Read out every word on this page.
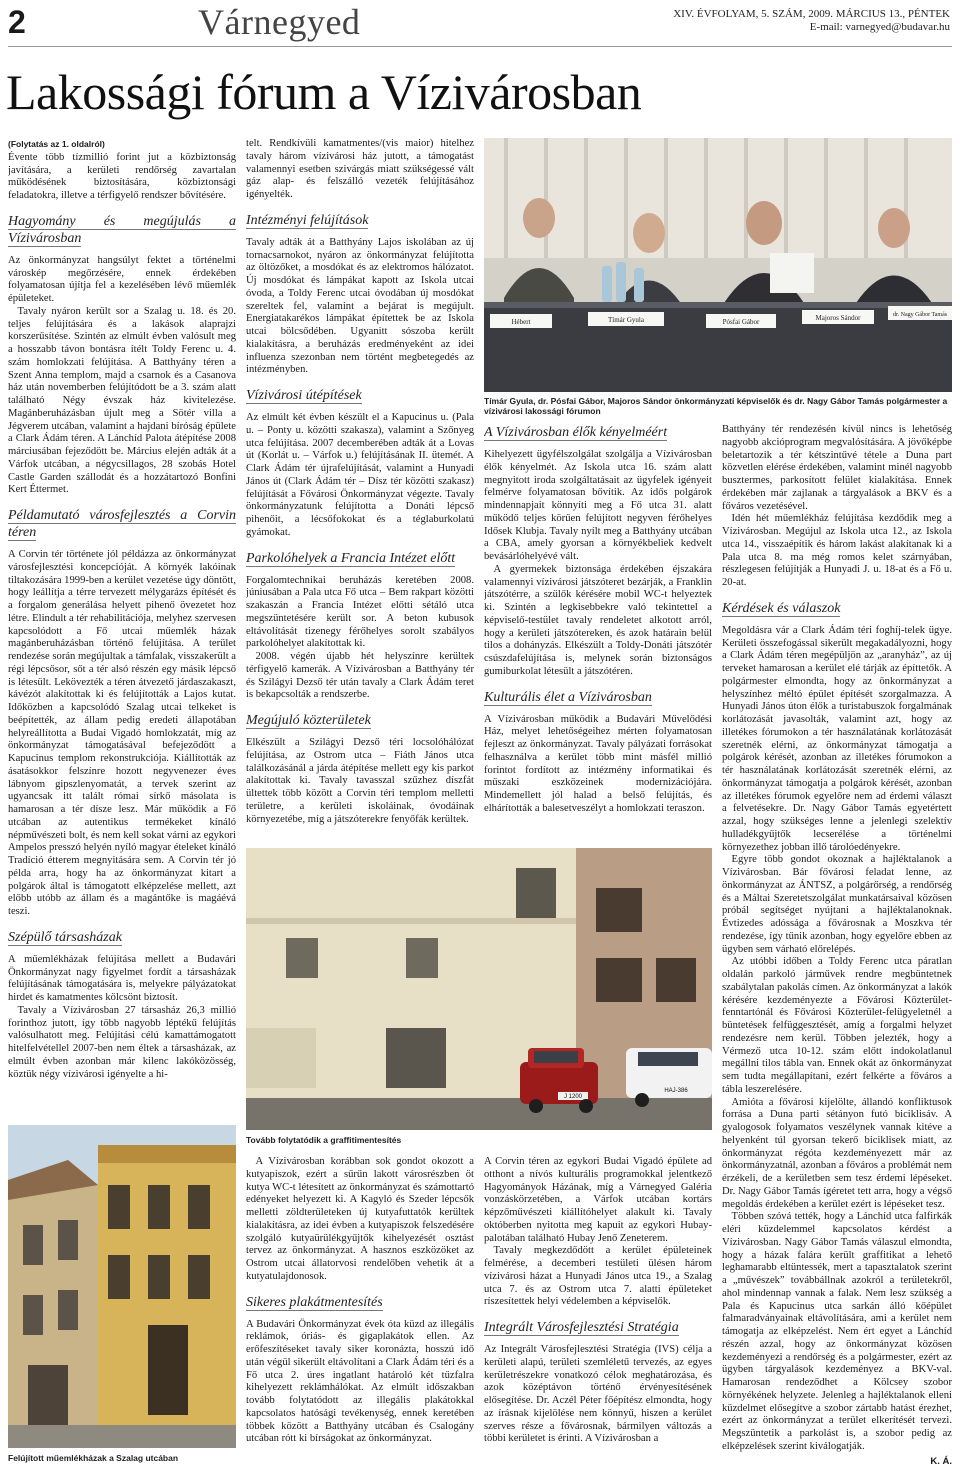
2	Várnegyed	XIV. ÉVFOLYAM, 5. SZÁM, 2009. MÁRCIUS 13., PÉNTEK
E-mail: varnegyed@budavar.hu
Lakossági fórum a Vízivárosban

(Folytatás az 1. oldalról)
Évente több tízmillió forint jut a közbiztonság javítására, a kerületi rendőrség zavartalan működésének biztosítására, közbiztonsági feladatokra, illetve a térfigyelő rendszer bővítésére.

Hagyomány és megújulás a Vízivárosban

Az önkormányzat hangsúlyt fektet a történelmi városkép megőrzésére, ennek érdekében folyamatosan újítja fel a kezelésében lévő műemlék épületeket.

Tavaly nyáron került sor a Szalag u. 18. és 20. teljes felújítására és a lakások alaprajzi korszerűsítése. Szintén az elmúlt évben valósult meg a hosszabb távon bontásra ítélt Toldy Ferenc u. 4. szám homlokzati felújítása. A Batthyány téren a Szent Anna templom, majd a csarnok és a Casanova ház után novemberben felújítódott be a 3. szám alatt található Négy évszak ház kivitelezése. Magánberuházásban újult meg a Sötér villa a Jégverem utcában, valamint a hajdani bíróság épülete a Clark Ádám téren. A Lánchíd Palota átépítése 2008 márciusában fejeződött be. Március elején adták át a Várfok utcában, a négycsillagos, 28 szobás Hotel Castle Garden szállodát és a hozzátartozó Bonfini Kert Éttermet.

Példamutató városfejlesztés a Corvin téren

A Corvin tér története jól példázza az önkormányzat városfejlesztési koncepcióját. A környék lakóinak tiltakozására 1999-ben a kerület vezetése úgy döntött, hogy leállítja a térre tervezett mélygarázs építését és a forgalom generálása helyett pihenő övezetet hoz létre. Elindult a tér rehabilitációja, melyhez szervesen kapcsolódott a Fő utcai műemlék házak magánberuházásban történő felújítása. A terület rendezése során megújultak a támfalak, visszakerült a régi lépcsősor, sőt a tér alsó részén egy másik lépcső is létesült. Lekövezték a téren átvezető járdaszakaszt, kávézót alakítottak ki és felújították a Lajos kutat. Időközben a kapcsolódó Szalag utcai telkeket is beépítették, az állam pedig eredeti állapotában helyreállította a Budai Vigadó homlokzatát, míg az önkormányzat támogatásával befejeződött a Kapucinus templom rekonstrukciója. Kiállították az ásatásokkor felszínre hozott negyvenezer éves lábnyom gipszlenyomatát, a tervek szerint az ugyancsak itt talált római sírkő másolata is hamarosan a tér dísze lesz. Már működik a Fő utcában az autentikus termékeket kínáló népművészeti bolt, és nem kell sokat várni az egykori Ampelos presszó helyén nyíló magyar ételeket kínáló Tradíció étterem megnyitására sem. A Corvin tér jó példa arra, hogy ha az önkormányzat kitart a polgárok által is támogatott elképzelése mellett, azt előbb utóbb az állam és a magántőke is magáévá teszi.

Szépülő társasházak

A műemlékházak felújítása mellett a Budavári Önkormányzat nagy figyelmet fordít a társasházak felújításának támogatására is, melyekre pályázatokat hirdet és kamatmentes kölcsönt biztosít.

Tavaly a Vízivárosban 27 társasház 26,3 millió forinthoz jutott, így több nagyobb léptékű felújítás valósulhatott meg. Felújítási célú kamattámogatott hitelfelvétellel 2007-ben nem éltek a társasházak, az elmúlt évben azonban már kilenc lakóközösség, köztük négy vízivárosi igényelte a hi-

Felújított műemlékházak a Szalag utcában

telt. Rendkívüli kamatmentes/(vis maior) hitelhez tavaly három vízivárosi ház jutott, a támogatást valamennyi esetben szivárgás miatt szükségessé vált gáz alap- és felszálló vezeték felújításához igényelték.

Intézményi felújítások

Tavaly adták át a Batthyány Lajos iskolában az új tornacsarnokot, nyáron az önkormányzat felújította az öltözőket, a mosdókat és az elektromos hálózatot. Új mosdókat és lámpákat kapott az Iskola utcai óvoda, a Toldy Ferenc utcai óvodában új mosdókat szereltek fel, valamint a bejárat is megújult. Energiatakarékos lámpákat építettek be az Iskola utcai bölcsődében. Ugyanitt sószoba került kialakításra, a beruházás eredményeként az idei influenza szezonban nem történt megbetegedés az intézményben.

Vízivárosi útépítések

Az elmúlt két évben készült el a Kapucinus u. (Pala u. – Ponty u. közötti szakasza), valamint a Szőnyeg utca felújítása. 2007 decemberében adták át a Lovas út (Korlát u. – Várfok u.) felújításának II. ütemét. A Clark Ádám tér újrafelújítását, valamint a Hunyadi János út (Clark Ádám tér – Dísz tér közötti szakasz) felújítását a Fővárosi Önkormányzat végezte. Tavaly önkormányzatunk felújította a Donáti lépcső pihenőit, a lécsőfokokat és a téglaburkolatú gyámokat.

Parkolóhelyek a Francia Intézet előtt

Forgalomtechnikai beruházás keretében 2008. júniusában a Pala utca Fő utca – Bem rakpart közötti szakaszán a Francia Intézet előtti sétáló utca megszüntetésére került sor. A beton kubusok eltávolítását tizenegy férőhelyes sorolt szabályos parkolóhelyet alakítottak ki.

2008. végén újabb hét helyszínre kerültek térfigyelő kamerák. A Vízivárosban a Batthyány tér és Szilágyi Dezső tér után tavaly a Clark Ádám teret is bekapcsolták a rendszerbe.

Megújuló közterületek

Elkészült a Szilágyi Dezső téri locsolóhálózat felújítása, az Ostrom utca – Fiáth János utca találkozásánál a járda átépítése mellett egy kis parkot alakítottak ki. Tavaly tavasszal szűzhez díszfát ültettek több között a Corvin téri templom melletti területre, a kerületi iskoláinak, óvodáinak környezetébe, míg a játszóterekre fenyőfák kerültek.

J 1200
HAJ-386
Tovább folytatódik a graffitimentesítés

A Vízivárosban korábban sok gondot okozott a kutyapiszok, ezért a sűrűn lakott városrészben öt kutya WC-t létesített az önkormányzat és számottartó edényeket helyezett ki. A Kagyló és Szeder lépcsők melletti zöldterületeken új kutyafuttatók kerültek kialakításra, az idei évben a kutyapiszok felszedésére szolgáló kutyaürülékgyűjtők kihelyezését osztást tervez az önkormányzat. A hasznos eszközöket az Ostrom utcai állatorvosi rendelőben vehetik át a kutyatulajdonosok.

Sikeres plakátmentesítés

A Budavári Önkormányzat évek óta küzd az illegális reklámok, óriás- és gigaplakátok ellen. Az erőfeszítéseket tavaly siker koronázta, hosszú idő után végül sikerült eltávolítani a Clark Ádám téri és a Fő utca 2. úres ingatlant határoló két tűzfalra kihelyezett reklámhálókat. Az elmúlt időszakban tovább folytatódott az illegális plakátokkal kapcsolatos hatósági tevékenység, ennek keretében többek között a Batthyány utcában és Csalogány utcában rótt ki bírságokat az önkormányzat.

Hébert	Tímár Gyula	Pósfai Gábor	Majoros Sándor	dr. Nagy Gábor Tamás
Tímár Gyula, dr. Pósfai Gábor, Majoros Sándor önkormányzati képviselők és dr. Nagy Gábor Tamás polgármester a vízivárosi lakossági fórumon
A Vízivárosban élők kényelméért

Kihelyezett ügyfélszolgálat szolgálja a Vízivárosban élők kényelmét. Az Iskola utca 16. szám alatt megnyitott iroda szolgáltatásait az ügyfelek igényeit felmérve folyamatosan bővítik. Az idős polgárok mindennapjait könnyíti meg a Fő utca 31. alatt működő teljes körűen felújított negyven férőhelyes Idősek Klubja. Tavaly nyílt meg a Batthyány utcában a CBA, amely gyorsan a környékbeliek kedvelt bevásárlóhelyévé vált.

A gyermekek biztonsága érdekében éjszakára valamennyi vízivárosi játszóteret bezárják, a Franklin játszótérre, a szülők kérésére mobil WC-t helyeztek ki. Szintén a legkisebbekre való tekintettel a képviselő-testület tavaly rendeletet alkotott arról, hogy a kerületi játszótereken, és azok határain belül tilos a dohányzás. Elkészült a Toldy-Donáti játszótér csúszdafelújítása is, melynek során biztonságos gumiburkolat létesült a játszótéren.

Kulturális élet a Vízivárosban

A Vízivárosban működik a Budavári Művelődési Ház, melyet lehetőségeihez mérten folyamatosan fejleszt az önkormányzat. Tavaly pályázati forrásokat felhasználva a kerület több mint másfél millió forintot fordított az intézmény informatikai és műszaki eszközeinek modernizációjára. Mindemellett jól halad a belső felújítás, és elhárították a balesetveszélyt a homlokzati teraszon.

A Corvin téren az egykori Budai Vigadó épülete ad otthont a nívós kulturális programokkal jelentkező Hagyományok Házának, míg a Várnegyed Galéria vonzáskörzetében, a Várfok utcában kortárs képzőművészeti kiállítóhelyet alakult ki. Tavaly októberben nyitotta meg kapuit az egykori Hubay-palotában található Hubay Jenő Zeneterem.

Tavaly megkezdődött a kerület épületeinek felmérése, a decemberi testületi ülésen három vízivárosi házat a Hunyadi János utca 19., a Szalag utca 7. és az Ostrom utca 7. alatti épületeket ríszesítettek helyi védelemben a képviselők.

Integrált Városfejlesztési Stratégia

Az Integrált Városfejlesztési Stratégia (IVS) célja a kerületi alapú, területi szemléletű tervezés, az egyes kerületrészekre vonatkozó célok meghatározása, és azok középtávon történő érvényesítésének elősegítése. Dr. Aczél Péter főépítész elmondta, hogy az írásnak kijelölése nem könnyű, hiszen a kerület szerves része a fővárosnak, bármilyen változás a többi kerületet is érinti. A Vízivárosban a

Batthyány tér rendezésén kívül nincs is lehetőség nagyobb akcióprogram megvalósítására. A jövőképbe beletartozik a tér kétszintűvé tétele a Duna part közvetlen elérése érdekében, valamint minél nagyobb busztermes, parkosított felület kialakítása. Ennek érdekében már zajlanak a tárgyalások a BKV és a főváros vezetésével.

Idén hét műemlékház felújítása kezdődik meg a Vízivárosban. Megújul az Iskola utca 12., az Iskola utca 14., visszaépítik és három lakást alakítanak ki a Pala utca 8. ma még romos kelet szárnyában, részlegesen felújítják a Hunyadi J. u. 18-at és a Fő u. 20-at.

Kérdések és válaszok

Megoldásra vár a Clark Ádám téri foghíj-telek ügye. Kerületi összefogással sikerült megakadályozni, hogy a Clark Ádám téren megépüljön az „aranyház”, az új terveket hamarosan a kerület elé tárják az építtetők. A polgármester elmondta, hogy az önkormányzat a helyszínhez méltó épület építését szorgalmazza. A Hunyadi János úton élők a turistabuszok forgalmának korlátozását javasolták, valamint azt, hogy az illetékes fórumokon a tér használatának korlátozását szeretnék elérni, az önkormányzat támogatja a polgárok kérését, azonban az illetékes fórumokon a tér használatának korlátozását szeretnék elérni, az önkormányzat támogatja a polgárok kérését, azonban az illetékes fórumok egyelőre nem ad érdemi választ a felvetésekre. Dr. Nagy Gábor Tamás egyetértett azzal, hogy szükséges lenne a jelenlegi szelektív hulladékgyűjtők lecserélése a történelmi környezethez jobban illő tárolóedényekre.

Egyre több gondot okoznak a hajléktalanok a Vízivárosban. Bár fővárosi feladat lenne, az önkormányzat az ÁNTSZ, a polgárőrség, a rendőrség és a Máltai Szeretetszolgálat munkatársaival közösen próbál segítséget nyújtani a hajléktalanoknak. Évtizedes adóssága a fővárosnak a Moszkva tér rendezése, így tűnik azonban, hogy egyelőre ebben az ügyben sem várható előrelépés.

Az utóbbi időben a Toldy Ferenc utca páratlan oldalán parkoló járművek rendre megbüntetnek szabálytalan pakolás címen. Az önkormányzat a lakók kérésére kezdeményezte a Fővárosi Közterület-fenntartónál és Fővárosi Közterület-felügyeletnél a büntetések felfüggesztését, amíg a forgalmi helyzet rendezésre nem kerül. Többen jelezték, hogy a Vérmező utca 10-12. szám előtt indokolatlanul megállni tilos tábla van. Ennek okát az önkormányzat sem tudta megállapítani, ezért felkérte a főváros a tábla leszerelésére.

Amióta a fővárosi kijelölte, állandó konfliktusok forrása a Duna parti sétányon futó biciklisáv. A gyalogosok folyamatos veszélynek vannak kitéve a helyenként túl gyorsan tekerő biciklisek miatt, az önkormányzat régóta kezdeményezett már az önkormányzatnál, azonban a főváros a problémát nem érzékeli, de a kerületben sem tesz érdemi lépéseket. Dr. Nagy Gábor Tamás ígéretet tett arra, hogy a végső megoldás érdekében a kerület ezért is lépéseket tesz.

Többen szóvá tették, hogy a Lánchíd utca falfirkák eléri küzdelemmel kapcsolatos kérdést a Vízivárosban. Nagy Gábor Tamás válaszul elmondta, hogy a házak falára került graffitikat a lehető leghamarabb eltüntessék, mert a tapasztalatok szerint a „művészek” továbbállnak azokról a területekről, ahol mindennap vannak a falak. Nem lesz szükség a Pala és Kapucinus utca sarkán álló kőépület falmaradványainak eltávolítására, ami a kerület nem támogatja az elképzelést. Nem ért egyet a Lánchíd részén azzal, hogy az önkormányzat közösen kezdeményezi a rendőrség és a polgármester, ezért az ügyben tárgyalások kezdeményez a BKV-val. Hamarosan rendeződhet a Kölcsey szobor környékének helyzete. Jelenleg a hajléktalanok elleni küzdelmet elősegítve a szobor zártabb hatást érezhet, ezért az önkormányzat a terület elkerítését tervezi. Megszüntetik a parkolást is, a szobor pedig az elképzelések szerint kiválogatják.

K. Á.
